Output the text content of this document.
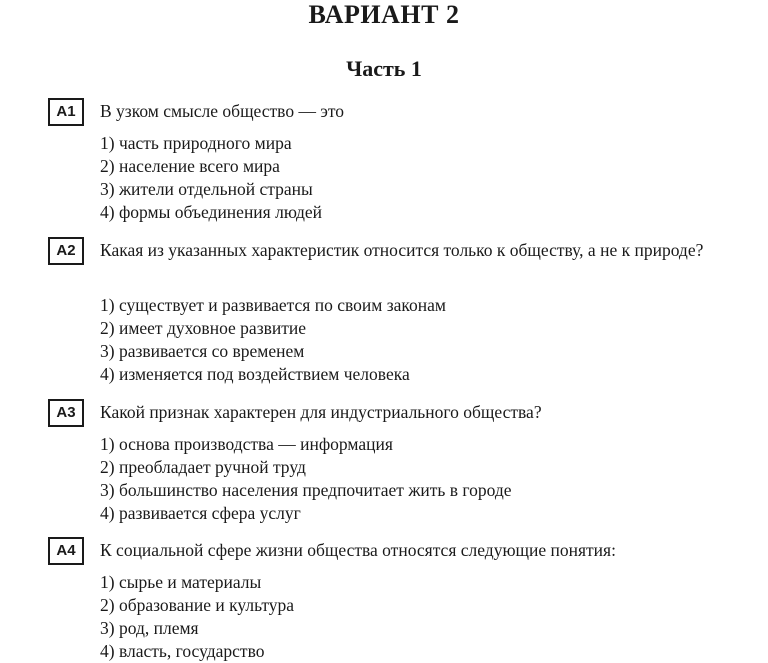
ВАРИАНТ 2
Часть 1
А1	В узком смысле общество — это
1) часть природного мира
2) население всего мира
3) жители отдельной страны
4) формы объединения людей
А2	Какая из указанных характеристик относится только к обществу, а не к природе?
1) существует и развивается по своим законам
2) имеет духовное развитие
3) развивается со временем
4) изменяется под воздействием человека
А3	Какой признак характерен для индустриального общества?
1) основа производства — информация
2) преобладает ручной труд
3) большинство населения предпочитает жить в городе
4) развивается сфера услуг
А4	К социальной сфере жизни общества относятся следующие понятия:
1) сырье и материалы
2) образование и культура
3) род, племя
4) власть, государство
